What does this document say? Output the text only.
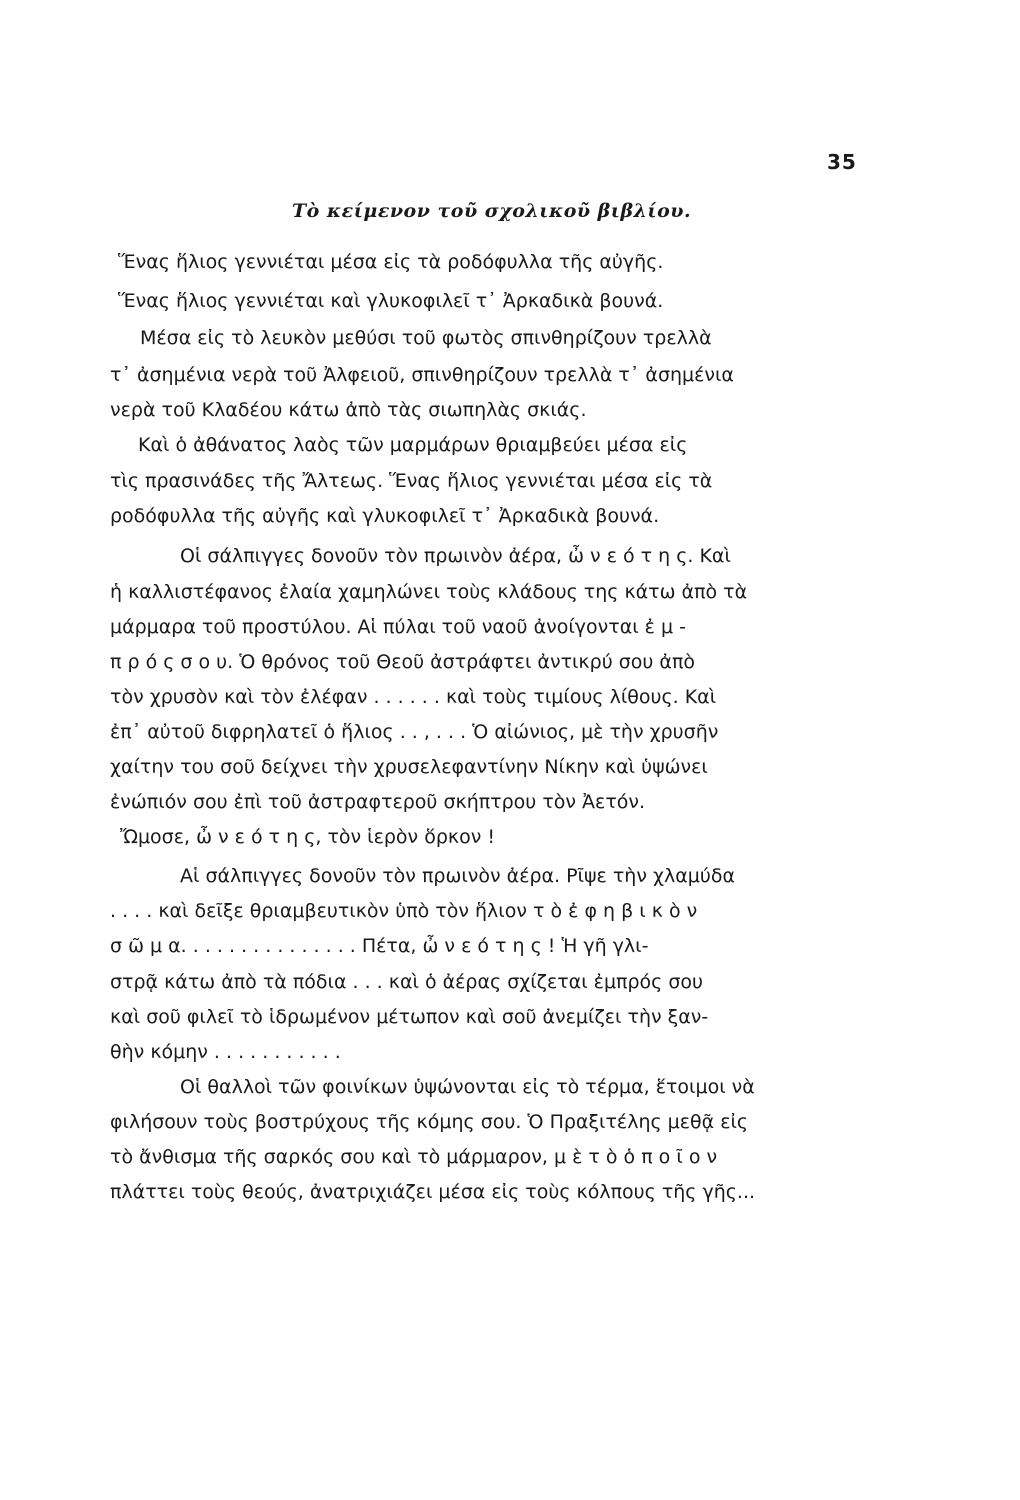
35
Τὸ κείμενον τοῦ σχολικοῦ βιβλίου.
Ἕνας ἥλιος γεννιέται μέσα εἰς τὰ ροδόφυλλα τῆς αὐγῆς.
Ἕνας ἥλιος γεννιέται καὶ γλυκοφιλεῖ τ᾽ Ἀρκαδικὰ βουνά.
Μέσα εἰς τὸ λευκὸν μεθύσι τοῦ φωτὸς σπινθηρίζουν τρελλὰ
τ᾽ ἀσημένια νερὰ τοῦ Ἀλφειοῦ, σπινθηρίζουν τρελλὰ τ᾽ ἀσημένια
νερὰ τοῦ Κλαδέου κάτω ἀπὸ τὰς σιωπηλὰς σκιάς.
Καὶ ὁ ἀθάνατος λαὸς τῶν μαρμάρων θριαμβεύει μέσα εἰς
τὶς πρασινάδες τῆς Ἄλτεως. Ἕνας ἥλιος γεννιέται μέσα εἰς τὰ
ροδόφυλλα τῆς αὐγῆς καὶ γλυκοφιλεῖ τ᾽ Ἀρκαδικὰ βουνά.
Οἱ σάλπιγγες δονοῦν τὸν πρωινὸν ἀέρα, ὦ ν ε ό τ η ς. Καὶ
ἡ καλλιστέφανος ἐλαία χαμηλώνει τοὺς κλάδους της κάτω ἀπὸ τὰ
μάρμαρα τοῦ προστύλου. Αἱ πύλαι τοῦ ναοῦ ἀνοίγονται ἐ μ -
π ρ ό ς σ ο υ. Ὁ θρόνος τοῦ Θεοῦ ἀστράφτει ἀντικρύ σου ἀπὸ
τὸν χρυσὸν καὶ τὸν ἐλέφαν . . . . . . καὶ τοὺς τιμίους λίθους. Καὶ
ἐπ᾽ αὐτοῦ διφρηλατεῖ ὁ ἥλιος . . , . . . Ὁ αἰώνιος, μὲ τὴν χρυσῆν
χαίτην του σοῦ δείχνει τὴν χρυσελεφαντίνην Νίκην καὶ ὑψώνει
ἐνώπιόν σου ἐπὶ τοῦ ἀστραφτεροῦ σκήπτρου τὸν Ἀετόν.
Ὤμοσε, ὦ ν ε ό τ η ς, τὸν ἱερὸν ὅρκον !
Αἱ σάλπιγγες δονοῦν τὸν πρωινὸν ἀέρα. Ρῖψε τὴν χλαμύδα
. . . . καὶ δεῖξε θριαμβευτικὸν ὑπὸ τὸν ἥλιον τ ὸ ἐ φ η β ι κ ὸ ν
σ ῶ μ α. . . . . . . . . . . . . . . Πέτα, ὦ ν ε ό τ η ς ! Ἡ γῆ γλι-
στρᾷ κάτω ἀπὸ τὰ πόδια . . . καὶ ὁ ἀέρας σχίζεται ἐμπρός σου
καὶ σοῦ φιλεῖ τὸ ἱδρωμένον μέτωπον καὶ σοῦ ἀνεμίζει τὴν ξαν-
θὴν κόμην . . . . . . . . . . .
Οἱ θαλλοὶ τῶν φοινίκων ὑψώνονται εἰς τὸ τέρμα, ἕτοιμοι νὰ
φιλήσουν τοὺς βοστρύχους τῆς κόμης σου. Ὁ Πραξιτέλης μεθᾷ εἰς
τὸ ἄνθισμα τῆς σαρκός σου καὶ τὸ μάρμαρον, μ ὲ τ ὸ ὁ π ο ῖ ο ν
πλάττει τοὺς θεούς, ἀνατριχιάζει μέσα εἰς τοὺς κόλπους τῆς γῆς...
